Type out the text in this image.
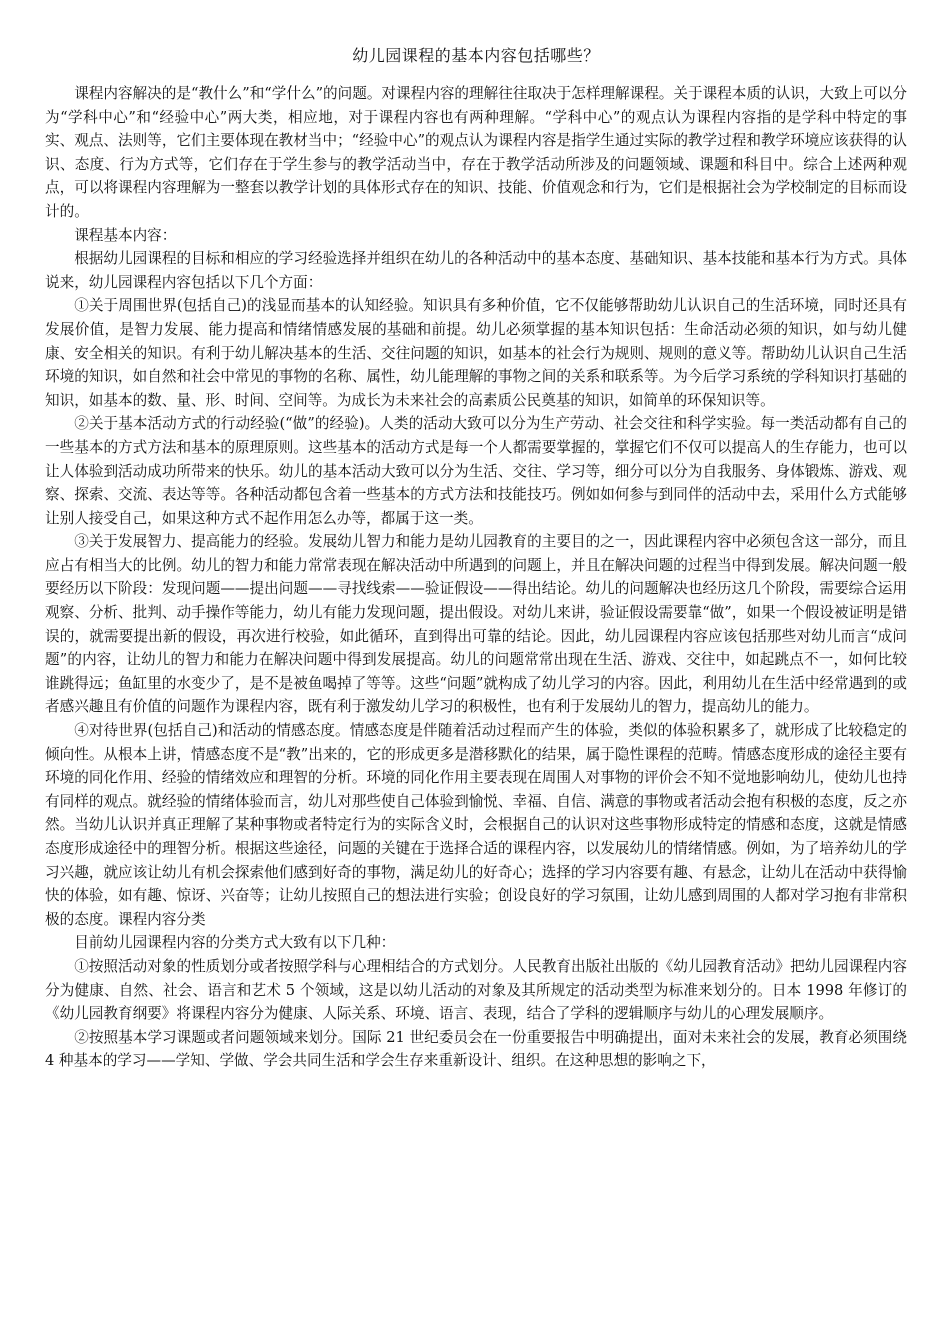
幼儿园课程的基本内容包括哪些？

课程内容解决的是“教什么”和“学什么”的问题。对课程内容的理解往往取决于怎样理解课程。关于课程本质的认识，大致上可以分为“学科中心”和“经验中心”两大类，相应地，对于课程内容也有两种理解。“学科中心”的观点认为课程内容指的是学科中特定的事实、观点、法则等，它们主要体现在教材当中；“经验中心”的观点认为课程内容是指学生通过实际的教学过程和教学环境应该获得的认识、态度、行为方式等，它们存在于学生参与的教学活动当中，存在于教学活动所涉及的问题领域、课题和科目中。综合上述两种观点，可以将课程内容理解为一整套以教学计划的具体形式存在的知识、技能、价值观念和行为，它们是根据社会为学校制定的目标而设计的。

课程基本内容：

根据幼儿园课程的目标和相应的学习经验选择并组织在幼儿的各种活动中的基本态度、基础知识、基本技能和基本行为方式。具体说来，幼儿园课程内容包括以下几个方面：

①关于周围世界(包括自己)的浅显而基本的认知经验。知识具有多种价值，它不仅能够帮助幼儿认识自己的生活环境，同时还具有发展价值，是智力发展、能力提高和情绪情感发展的基础和前提。幼儿必须掌握的基本知识包括：生命活动必须的知识，如与幼儿健康、安全相关的知识。有利于幼儿解决基本的生活、交往问题的知识，如基本的社会行为规则、规则的意义等。帮助幼儿认识自己生活环境的知识，如自然和社会中常见的事物的名称、属性，幼儿能理解的事物之间的关系和联系等。为今后学习系统的学科知识打基础的知识，如基本的数、量、形、时间、空间等。为成长为未来社会的高素质公民奠基的知识，如简单的环保知识等。

②关于基本活动方式的行动经验(“做”的经验)。人类的活动大致可以分为生产劳动、社会交往和科学实验。每一类活动都有自己的一些基本的方式方法和基本的原理原则。这些基本的活动方式是每一个人都需要掌握的，掌握它们不仅可以提高人的生存能力，也可以让人体验到活动成功所带来的快乐。幼儿的基本活动大致可以分为生活、交往、学习等，细分可以分为自我服务、身体锻炼、游戏、观察、探索、交流、表达等等。各种活动都包含着一些基本的方式方法和技能技巧。例如如何参与到同伴的活动中去，采用什么方式能够让别人接受自己，如果这种方式不起作用怎么办等，都属于这一类。

③关于发展智力、提高能力的经验。发展幼儿智力和能力是幼儿园教育的主要目的之一，因此课程内容中必须包含这一部分，而且应占有相当大的比例。幼儿的智力和能力常常表现在解决活动中所遇到的问题上，并且在解决问题的过程当中得到发展。解决问题一般要经历以下阶段：发现问题——提出问题——寻找线索——验证假设——得出结论。幼儿的问题解决也经历这几个阶段，需要综合运用观察、分析、批判、动手操作等能力，幼儿有能力发现问题，提出假设。对幼儿来讲，验证假设需要靠“做”，如果一个假设被证明是错误的，就需要提出新的假设，再次进行校验，如此循环，直到得出可靠的结论。因此，幼儿园课程内容应该包括那些对幼儿而言“成问题”的内容，让幼儿的智力和能力在解决问题中得到发展提高。幼儿的问题常常出现在生活、游戏、交往中，如起跳点不一，如何比较谁跳得远；鱼缸里的水变少了，是不是被鱼喝掉了等等。这些“问题”就构成了幼儿学习的内容。因此，利用幼儿在生活中经常遇到的或者感兴趣且有价值的问题作为课程内容，既有利于激发幼儿学习的积极性，也有利于发展幼儿的智力，提高幼儿的能力。

④对待世界(包括自己)和活动的情感态度。情感态度是伴随着活动过程而产生的体验，类似的体验积累多了，就形成了比较稳定的倾向性。从根本上讲，情感态度不是“教”出来的，它的形成更多是潜移默化的结果，属于隐性课程的范畴。情感态度形成的途径主要有环境的同化作用、经验的情绪效应和理智的分析。环境的同化作用主要表现在周围人对事物的评价会不知不觉地影响幼儿，使幼儿也持有同样的观点。就经验的情绪体验而言，幼儿对那些使自己体验到愉悦、幸福、自信、满意的事物或者活动会抱有积极的态度，反之亦然。当幼儿认识并真正理解了某种事物或者特定行为的实际含义时，会根据自己的认识对这些事物形成特定的情感和态度，这就是情感态度形成途径中的理智分析。根据这些途径，问题的关键在于选择合适的课程内容，以发展幼儿的情绪情感。例如，为了培养幼儿的学习兴趣，就应该让幼儿有机会探索他们感到好奇的事物，满足幼儿的好奇心；选择的学习内容要有趣、有悬念，让幼儿在活动中获得愉快的体验，如有趣、惊讶、兴奋等；让幼儿按照自己的想法进行实验；创设良好的学习氛围，让幼儿感到周围的人都对学习抱有非常积极的态度。课程内容分类

目前幼儿园课程内容的分类方式大致有以下几种：

①按照活动对象的性质划分或者按照学科与心理相结合的方式划分。人民教育出版社出版的《幼儿园教育活动》把幼儿园课程内容分为健康、自然、社会、语言和艺术 5 个领域，这是以幼儿活动的对象及其所规定的活动类型为标准来划分的。日本 1998 年修订的《幼儿园教育纲要》将课程内容分为健康、人际关系、环境、语言、表现，结合了学科的逻辑顺序与幼儿的心理发展顺序。

②按照基本学习课题或者问题领域来划分。国际 21 世纪委员会在一份重要报告中明确提出，面对未来社会的发展，教育必须围绕 4 种基本的学习——学知、学做、学会共同生活和学会生存来重新设计、组织。在这种思想的影响之下，
